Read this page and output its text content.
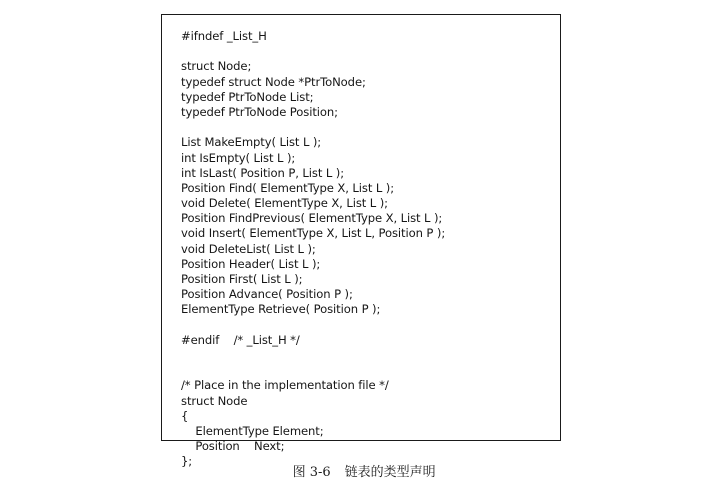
#ifndef _List_H
struct Node;
typedef struct Node *PtrToNode;
typedef PtrToNode List;
typedef PtrToNode Position;
List MakeEmpty( List L );
int IsEmpty( List L );
int IsLast( Position P, List L );
Position Find( ElementType X, List L );
void Delete( ElementType X, List L );
Position FindPrevious( ElementType X, List L );
void Insert( ElementType X, List L, Position P );
void DeleteList( List L );
Position Header( List L );
Position First( List L );
Position Advance( Position P );
ElementType Retrieve( Position P );
#endif    /* _List_H */
/* Place in the implementation file */
struct Node
{
ElementType Element;
Position    Next;
};

图 3-6 链表的类型声明
